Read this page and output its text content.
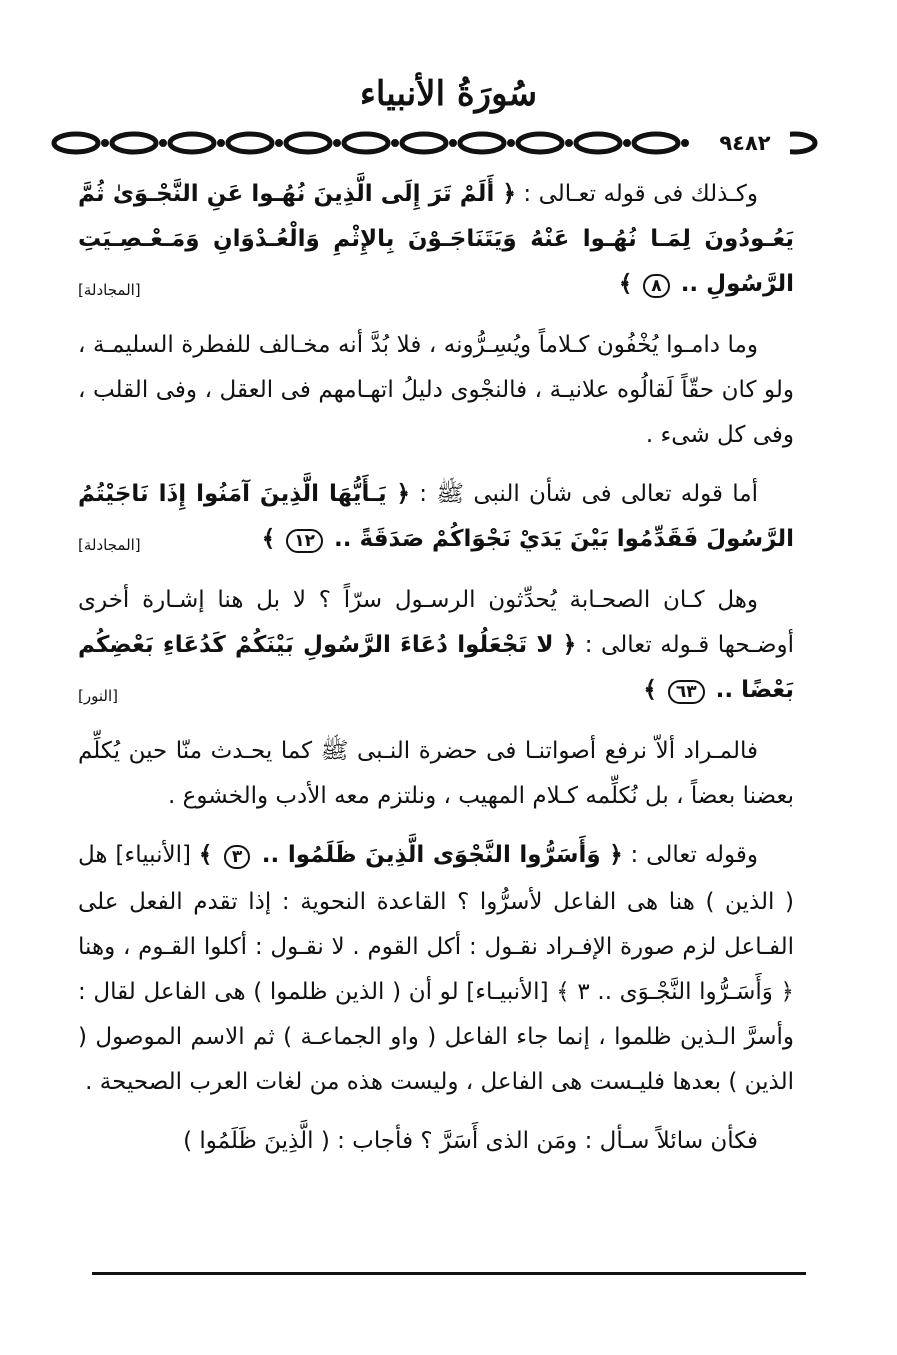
سُورَةُ الأنبياء
٩٤٨٢

وكـذلك فى قوله تعـالى : ﴿ أَلَمْ تَرَ إِلَى الَّذِينَ نُهُـوا عَنِ النَّجْـوَىٰ ثُمَّ يَعُـودُونَ لِمَـا نُهُـوا عَنْهُ وَيَتَنَاجَـوْنَ بِالإِثْمِ وَالْعُـدْوَانِ وَمَـعْـصِـيَتِ الرَّسُولِ .. ٨ ﴾
[المجادلة]

وما دامـوا يُخْفُون كـلاماً ويُسِـرُّونه ، فلا بُدَّ أنه مخـالف للفطرة السليمـة ، ولو كان حقّاً لَقالُوه علانيـة ، فالنجْوى دليلُ اتهـامهم فى العقل ، وفى القلب ، وفى كل شىء .

أما قوله تعالى فى شأن النبى ﷺ : ﴿ يَـأَيُّهَا الَّذِينَ آمَنُوا إِذَا نَاجَيْتُمُ الرَّسُولَ فَقَدِّمُوا بَيْنَ يَدَيْ نَجْوَاكُمْ صَدَقَةً .. ١٢ ﴾
[المجادلة]

وهل كـان الصحـابة يُحدِّثون الرسـول سرّاً ؟ لا بل هنا إشـارة أخرى أوضـحها قـوله تعالى : ﴿ لا تَجْعَلُوا دُعَاءَ الرَّسُولِ بَيْنَكُمْ كَدُعَاءِ بَعْضِكُم بَعْضًا .. ٦٣ ﴾
[النور]

فالمـراد ألاّ نرفع أصواتنـا فى حضرة النـبى ﷺ كما يحـدث منّا حين يُكلِّم بعضنا بعضاً ، بل نُكلِّمه كـلام المهيب ، ونلتزم معه الأدب والخشوع .

وقوله تعالى : ﴿ وَأَسَرُّوا النَّجْوَى الَّذِينَ ظَلَمُوا .. ٣ ﴾ [الأنبياء] هل ( الذين ) هنا هى الفاعل لأسرُّوا ؟ القاعدة النحوية : إذا تقدم الفعل على الفـاعل لزم صورة الإفـراد نقـول : أكل القوم . لا نقـول : أكلوا القـوم ، وهنا ﴿ وَأَسَـرُّوا النَّجْـوَى .. ٣ ﴾ [الأنبيـاء] لو أن ( الذين ظلموا ) هى الفاعل لقال : وأسرَّ الـذين ظلموا ، إنما جاء الفاعل ( واو الجماعـة ) ثم الاسم الموصول ( الذين ) بعدها فليـست هى الفاعل ، وليست هذه من لغات العرب الصحيحة .

فكأن سائلاً سـأل : ومَن الذى أَسَرَّ ؟ فأجاب : ( الَّذِينَ ظَلَمُوا )
